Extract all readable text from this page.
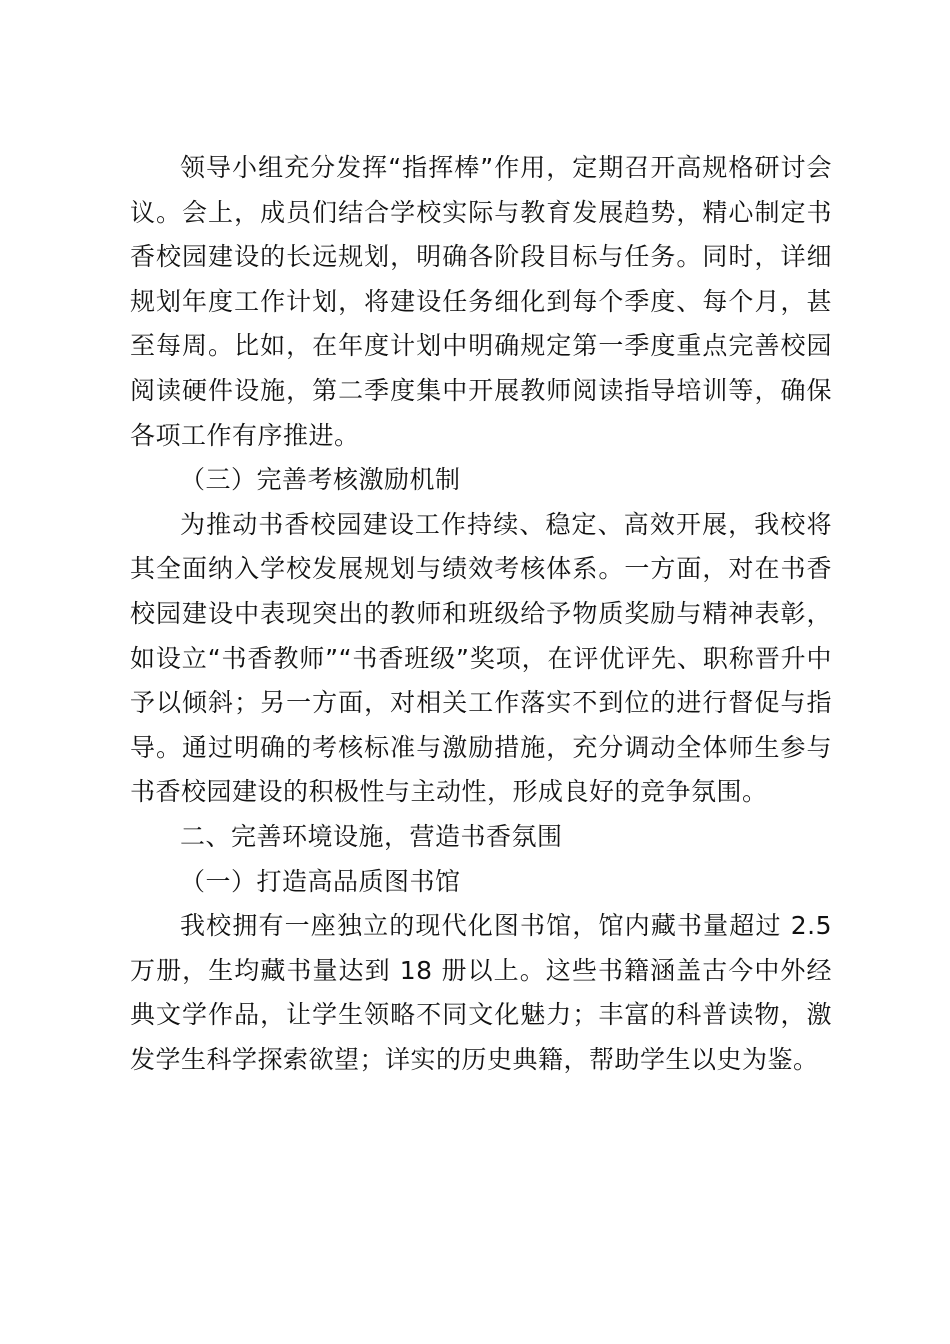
领导小组充分发挥“指挥棒”作用，定期召开高规格研讨会议。会上，成员们结合学校实际与教育发展趋势，精心制定书香校园建设的长远规划，明确各阶段目标与任务。同时，详细规划年度工作计划，将建设任务细化到每个季度、每个月，甚至每周。比如，在年度计划中明确规定第一季度重点完善校园阅读硬件设施，第二季度集中开展教师阅读指导培训等，确保各项工作有序推进。

（三）完善考核激励机制

为推动书香校园建设工作持续、稳定、高效开展，我校将其全面纳入学校发展规划与绩效考核体系。一方面，对在书香校园建设中表现突出的教师和班级给予物质奖励与精神表彰，如设立“书香教师”“书香班级”奖项，在评优评先、职称晋升中予以倾斜；另一方面，对相关工作落实不到位的进行督促与指导。通过明确的考核标准与激励措施，充分调动全体师生参与书香校园建设的积极性与主动性，形成良好的竞争氛围。

二、完善环境设施，营造书香氛围

（一）打造高品质图书馆

我校拥有一座独立的现代化图书馆，馆内藏书量超过 2.5 万册，生均藏书量达到 18 册以上。这些书籍涵盖古今中外经典文学作品，让学生领略不同文化魅力；丰富的科普读物，激发学生科学探索欲望；详实的历史典籍，帮助学生以史为鉴。
